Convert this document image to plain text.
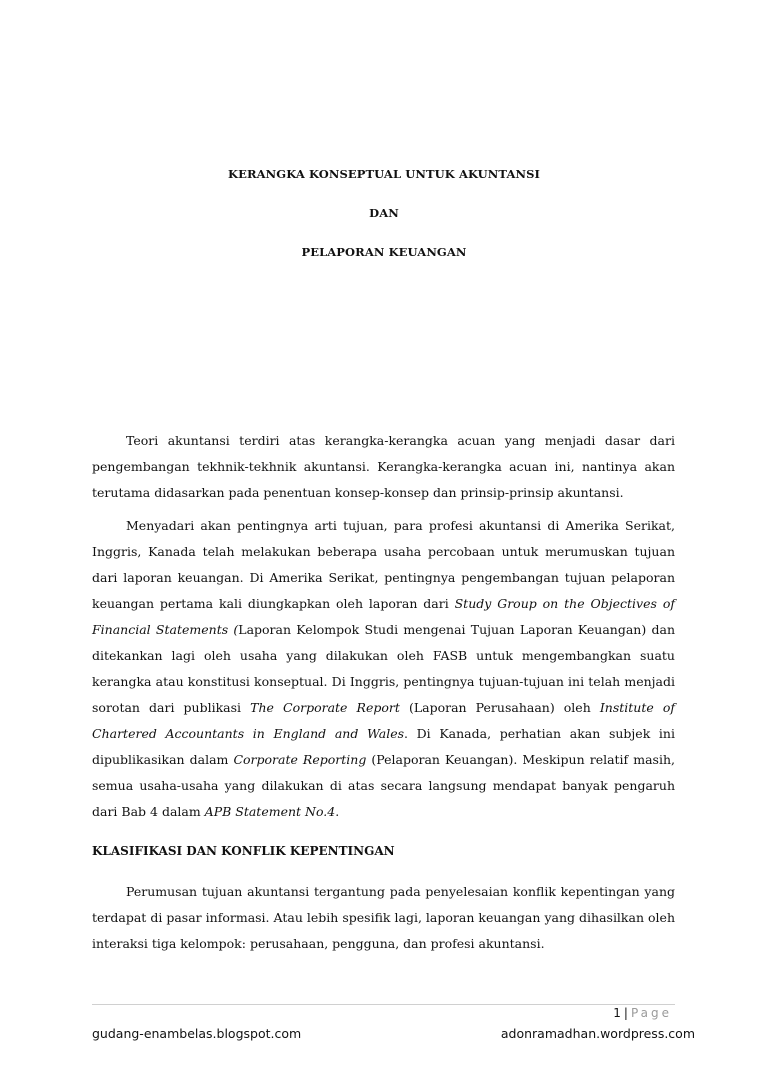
KERANGKA KONSEPTUAL UNTUK AKUNTANSI
DAN
PELAPORAN KEUANGAN

Teori akuntansi terdiri atas kerangka-kerangka acuan yang menjadi dasar dari pengembangan tekhnik-tekhnik akuntansi. Kerangka-kerangka acuan ini, nantinya akan terutama didasarkan pada penentuan konsep-konsep dan prinsip-prinsip akuntansi.

Menyadari akan pentingnya arti tujuan, para profesi akuntansi di Amerika Serikat, Inggris, Kanada telah melakukan beberapa usaha percobaan untuk merumuskan tujuan dari laporan keuangan. Di Amerika Serikat, pentingnya pengembangan tujuan pelaporan keuangan pertama kali diungkapkan oleh laporan dari Study Group on the Objectives of Financial Statements (Laporan Kelompok Studi mengenai Tujuan Laporan Keuangan) dan ditekankan lagi oleh usaha yang dilakukan oleh FASB untuk mengembangkan suatu kerangka atau konstitusi konseptual. Di Inggris, pentingnya tujuan-tujuan ini telah menjadi sorotan dari publikasi The Corporate Report (Laporan Perusahaan) oleh Institute of Chartered Accountants in England and Wales. Di Kanada, perhatian akan subjek ini dipublikasikan dalam Corporate Reporting (Pelaporan Keuangan). Meskipun relatif masih, semua usaha-usaha yang dilakukan di atas secara langsung mendapat banyak pengaruh dari Bab 4 dalam APB Statement No.4.

KLASIFIKASI DAN KONFLIK KEPENTINGAN

Perumusan tujuan akuntansi tergantung pada penyelesaian konflik kepentingan yang terdapat di pasar informasi. Atau lebih spesifik lagi, laporan keuangan yang dihasilkan oleh interaksi tiga kelompok: perusahaan, pengguna, dan profesi akuntansi.

1 | Page
gudang-enambelas.blogspot.com	adonramadhan.wordpress.com
